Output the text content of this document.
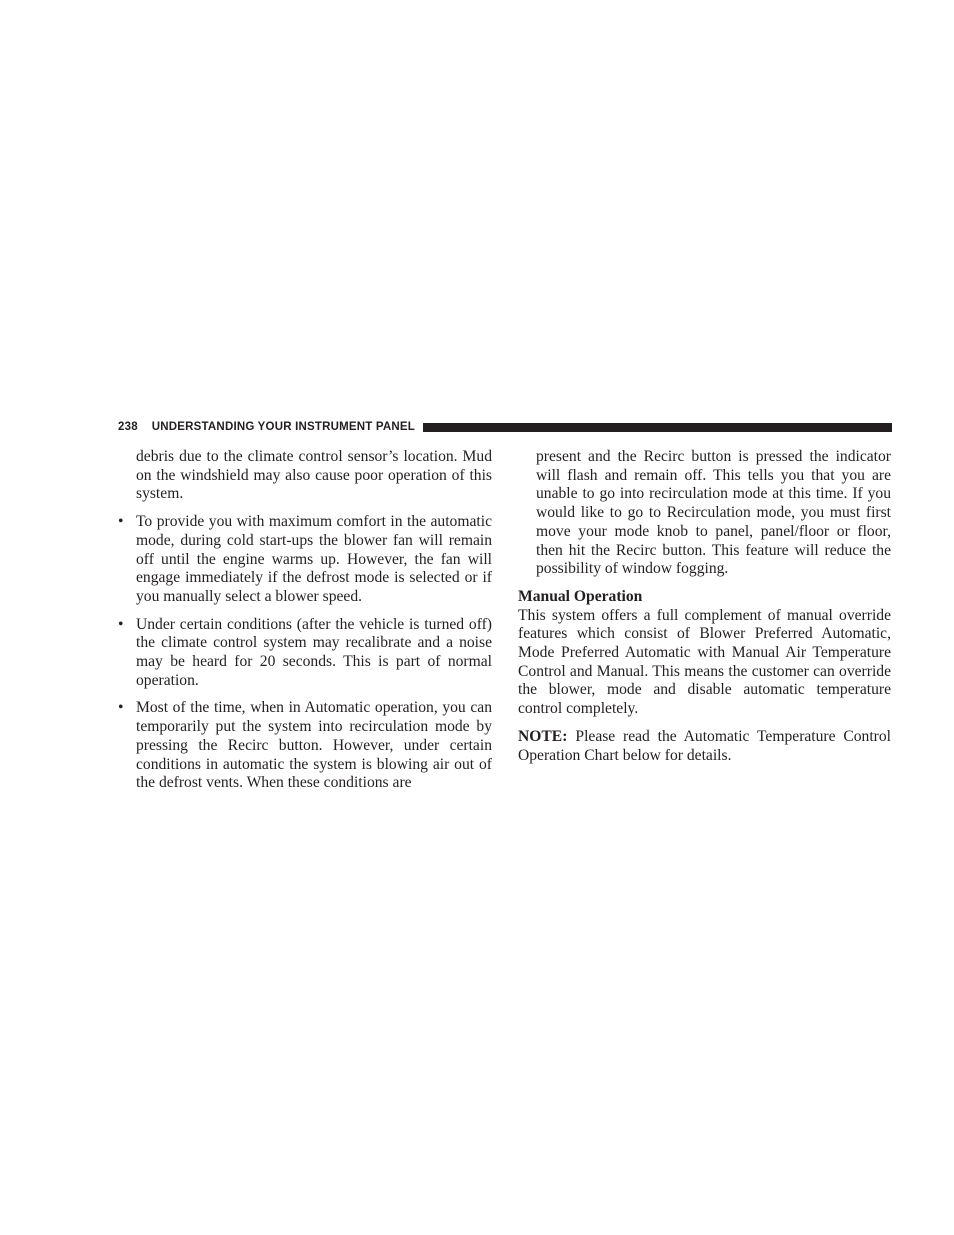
238 UNDERSTANDING YOUR INSTRUMENT PANEL

debris due to the climate control sensor’s location. Mud on the windshield may also cause poor operation of this system.

• To provide you with maximum comfort in the automatic mode, during cold start-ups the blower fan will remain off until the engine warms up. However, the fan will engage immediately if the defrost mode is selected or if you manually select a blower speed.
• Under certain conditions (after the vehicle is turned off) the climate control system may recalibrate and a noise may be heard for 20 seconds. This is part of normal operation.
• Most of the time, when in Automatic operation, you can temporarily put the system into recirculation mode by pressing the Recirc button. However, under certain conditions in automatic the system is blowing air out of the defrost vents. When these conditions are

present and the Recirc button is pressed the indicator will flash and remain off. This tells you that you are unable to go into recirculation mode at this time. If you would like to go to Recirculation mode, you must first move your mode knob to panel, panel/floor or floor, then hit the Recirc button. This feature will reduce the possibility of window fogging.

Manual Operation

This system offers a full complement of manual override features which consist of Blower Preferred Automatic, Mode Preferred Automatic with Manual Air Temperature Control and Manual. This means the customer can override the blower, mode and disable automatic temperature control completely.

NOTE: Please read the Automatic Temperature Control Operation Chart below for details.
